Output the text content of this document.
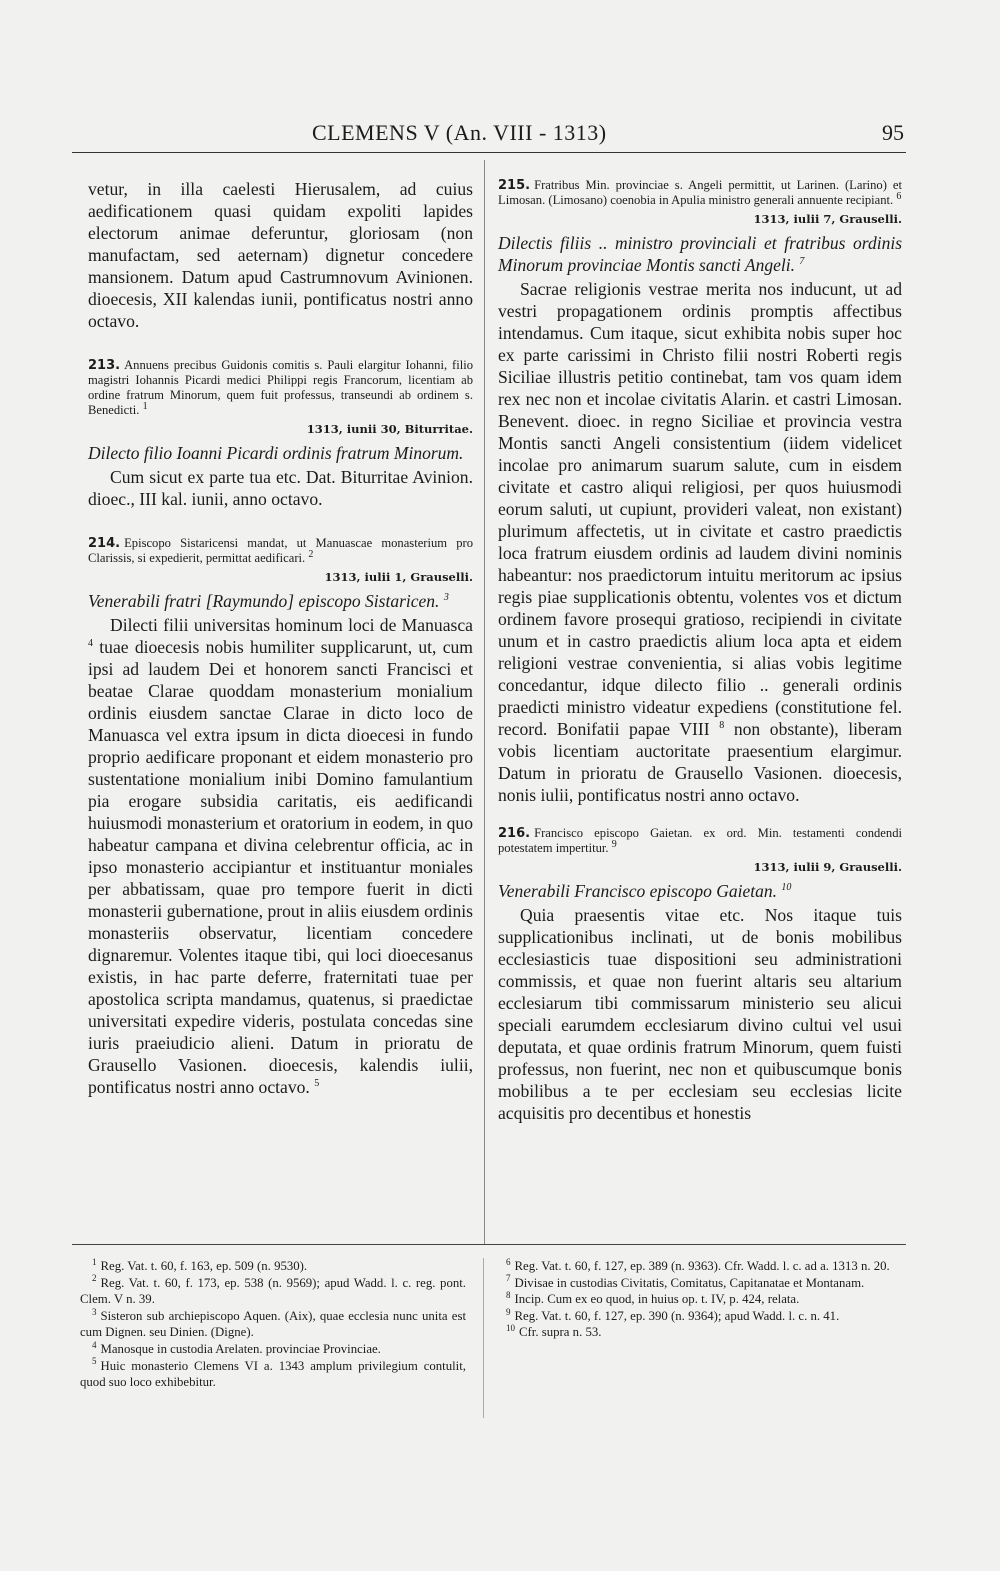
CLEMENS V (An. VIII - 1313)	95

vetur, in illa caelesti Hierusalem, ad cuius aedificationem quasi quidam expoliti lapides electorum animae deferuntur, gloriosam (non manufactam, sed aeternam) dignetur concedere mansionem. Datum apud Castrumnovum Avinionen. dioecesis, XII kalendas iunii, pontificatus nostri anno octavo.

213. Annuens precibus Guidonis comitis s. Pauli elargitur Iohanni, filio magistri Iohannis Picardi medici Philippi regis Francorum, licentiam ab ordine fratrum Minorum, quem fuit professus, transeundi ab ordinem s. Benedicti. $^1$

1313, iunii 30, Biturritae.

Dilecto filio Ioanni Picardi ordinis fratrum Minorum.

Cum sicut ex parte tua etc. Dat. Biturritae Avinion. dioec., III kal. iunii, anno octavo.

214. Episcopo Sistaricensi mandat, ut Manuascae monasterium pro Clarissis, si expedierit, permittat aedificari. $^2$

1313, iulii 1, Grauselli.

Venerabili fratri [Raymundo] episcopo Sistaricen. $^3$

Dilecti filii universitas hominum loci de Manuasca $^4$ tuae dioecesis nobis humiliter supplicarunt, ut, cum ipsi ad laudem Dei et honorem sancti Francisci et beatae Clarae quoddam monasterium monialium ordinis eiusdem sanctae Clarae in dicto loco de Manuasca vel extra ipsum in dicta dioecesi in fundo proprio aedificare proponant et eidem monasterio pro sustentatione monialium inibi Domino famulantium pia erogare subsidia caritatis, eis aedificandi huiusmodi monasterium et oratorium in eodem, in quo habeatur campana et divina celebrentur officia, ac in ipso monasterio accipiantur et instituantur moniales per abbatissam, quae pro tempore fuerit in dicti monasterii gubernatione, prout in aliis eiusdem ordinis monasteriis observatur, licentiam concedere dignaremur. Volentes itaque tibi, qui loci dioecesanus existis, in hac parte deferre, fraternitati tuae per apostolica scripta mandamus, quatenus, si praedictae universitati expedire videris, postulata concedas sine iuris praeiudicio alieni. Datum in prioratu de Grausello Vasionen. dioecesis, kalendis iulii, pontificatus nostri anno octavo. $^5$

215. Fratribus Min. provinciae s. Angeli permittit, ut Larinen. (Larino) et Limosan. (Limosano) coenobia in Apulia ministro generali annuente recipiant. $^6$

1313, iulii 7, Grauselli.

Dilectis filiis .. ministro provinciali et fratribus ordinis Minorum provinciae Montis sancti Angeli. $^7$

Sacrae religionis vestrae merita nos inducunt, ut ad vestri propagationem ordinis promptis affectibus intendamus. Cum itaque, sicut exhibita nobis super hoc ex parte carissimi in Christo filii nostri Roberti regis Siciliae illustris petitio continebat, tam vos quam idem rex nec non et incolae civitatis Alarin. et castri Limosan. Benevent. dioec. in regno Siciliae et provincia vestra Montis sancti Angeli consistentium (iidem videlicet incolae pro animarum suarum salute, cum in eisdem civitate et castro aliqui religiosi, per quos huiusmodi eorum saluti, ut cupiunt, provideri valeat, non existant) plurimum affectetis, ut in civitate et castro praedictis loca fratrum eiusdem ordinis ad laudem divini nominis habeantur: nos praedictorum intuitu meritorum ac ipsius regis piae supplicationis obtentu, volentes vos et dictum ordinem favore prosequi gratioso, recipiendi in civitate unum et in castro praedictis alium loca apta et eidem religioni vestrae convenientia, si alias vobis legitime concedantur, idque dilecto filio .. generali ordinis praedicti ministro videatur expediens (constitutione fel. record. Bonifatii papae VIII $^8$ non obstante), liberam vobis licentiam auctoritate praesentium elargimur. Datum in prioratu de Grausello Vasionen. dioecesis, nonis iulii, pontificatus nostri anno octavo.

216. Francisco episcopo Gaietan. ex ord. Min. testamenti condendi potestatem impertitur. $^9$

1313, iulii 9, Grauselli.

Venerabili Francisco episcopo Gaietan. $^{10}$

Quia praesentis vitae etc. Nos itaque tuis supplicationibus inclinati, ut de bonis mobilibus ecclesiasticis tuae dispositioni seu administrationi commissis, et quae non fuerint altaris seu altarium ecclesiarum tibi commissarum ministerio seu alicui speciali earumdem ecclesiarum divino cultui vel usui deputata, et quae ordinis fratrum Minorum, quem fuisti professus, non fuerint, nec non et quibuscumque bonis mobilibus a te per ecclesiam seu ecclesias licite acquisitis pro decentibus et honestis

$^1$ Reg. Vat. t. 60, f. 163, ep. 509 (n. 9530).

$^2$ Reg. Vat. t. 60, f. 173, ep. 538 (n. 9569); apud Wadd. l. c. reg. pont. Clem. V n. 39.

$^3$ Sisteron sub archiepiscopo Aquen. (Aix), quae ecclesia nunc unita est cum Dignen. seu Dinien. (Digne).

$^4$ Manosque in custodia Arelaten. provinciae Provinciae.

$^5$ Huic monasterio Clemens VI a. 1343 amplum privilegium contulit, quod suo loco exhibebitur.

$^6$ Reg. Vat. t. 60, f. 127, ep. 389 (n. 9363). Cfr. Wadd. l. c. ad a. 1313 n. 20.

$^7$ Divisae in custodias Civitatis, Comitatus, Capitanatae et Montanam.

$^8$ Incip. Cum ex eo quod, in huius op. t. IV, p. 424, relata.

$^9$ Reg. Vat. t. 60, f. 127, ep. 390 (n. 9364); apud Wadd. l. c. n. 41.

$^{10}$ Cfr. supra n. 53.
